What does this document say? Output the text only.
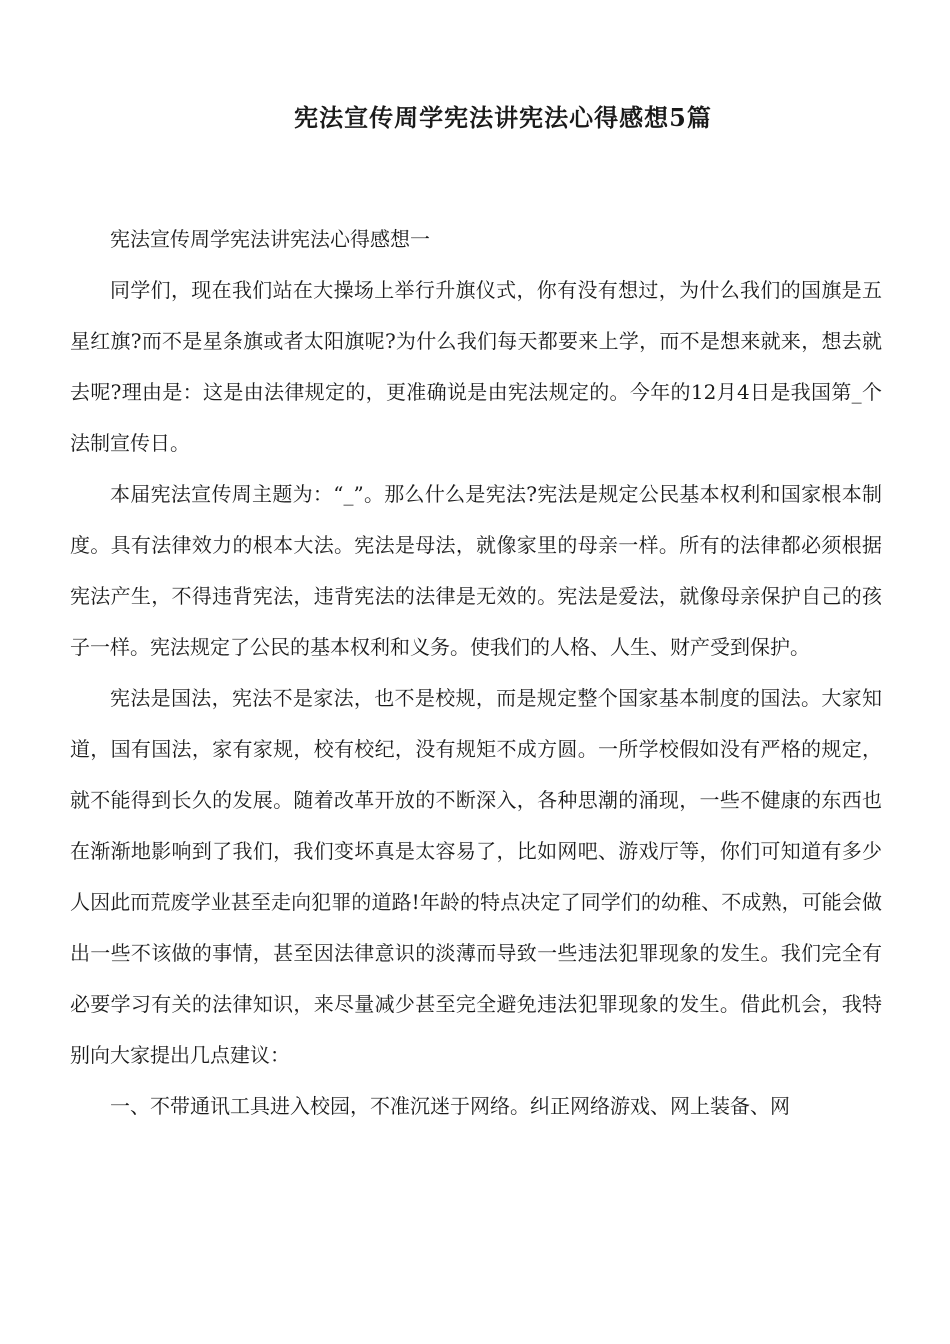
宪法宣传周学宪法讲宪法心得感想5篇

宪法宣传周学宪法讲宪法心得感想一

同学们，现在我们站在大操场上举行升旗仪式，你有没有想过，为什么我们的国旗是五星红旗?而不是星条旗或者太阳旗呢?为什么我们每天都要来上学，而不是想来就来，想去就去呢?理由是：这是由法律规定的，更准确说是由宪法规定的。今年的12月4日是我国第_个法制宣传日。

本届宪法宣传周主题为：“_”。那么什么是宪法?宪法是规定公民基本权利和国家根本制度。具有法律效力的根本大法。宪法是母法，就像家里的母亲一样。所有的法律都必须根据宪法产生，不得违背宪法，违背宪法的法律是无效的。宪法是爱法，就像母亲保护自己的孩子一样。宪法规定了公民的基本权利和义务。使我们的人格、人生、财产受到保护。

宪法是国法，宪法不是家法，也不是校规，而是规定整个国家基本制度的国法。大家知道，国有国法，家有家规，校有校纪，没有规矩不成方圆。一所学校假如没有严格的规定，就不能得到长久的发展。随着改革开放的不断深入，各种思潮的涌现，一些不健康的东西也在渐渐地影响到了我们，我们变坏真是太容易了，比如网吧、游戏厅等，你们可知道有多少人因此而荒废学业甚至走向犯罪的道路!年龄的特点决定了同学们的幼稚、不成熟，可能会做出一些不该做的事情，甚至因法律意识的淡薄而导致一些违法犯罪现象的发生。我们完全有必要学习有关的法律知识，来尽量减少甚至完全避免违法犯罪现象的发生。借此机会，我特别向大家提出几点建议：

一、不带通讯工具进入校园，不准沉迷于网络。纠正网络游戏、网上装备、网
